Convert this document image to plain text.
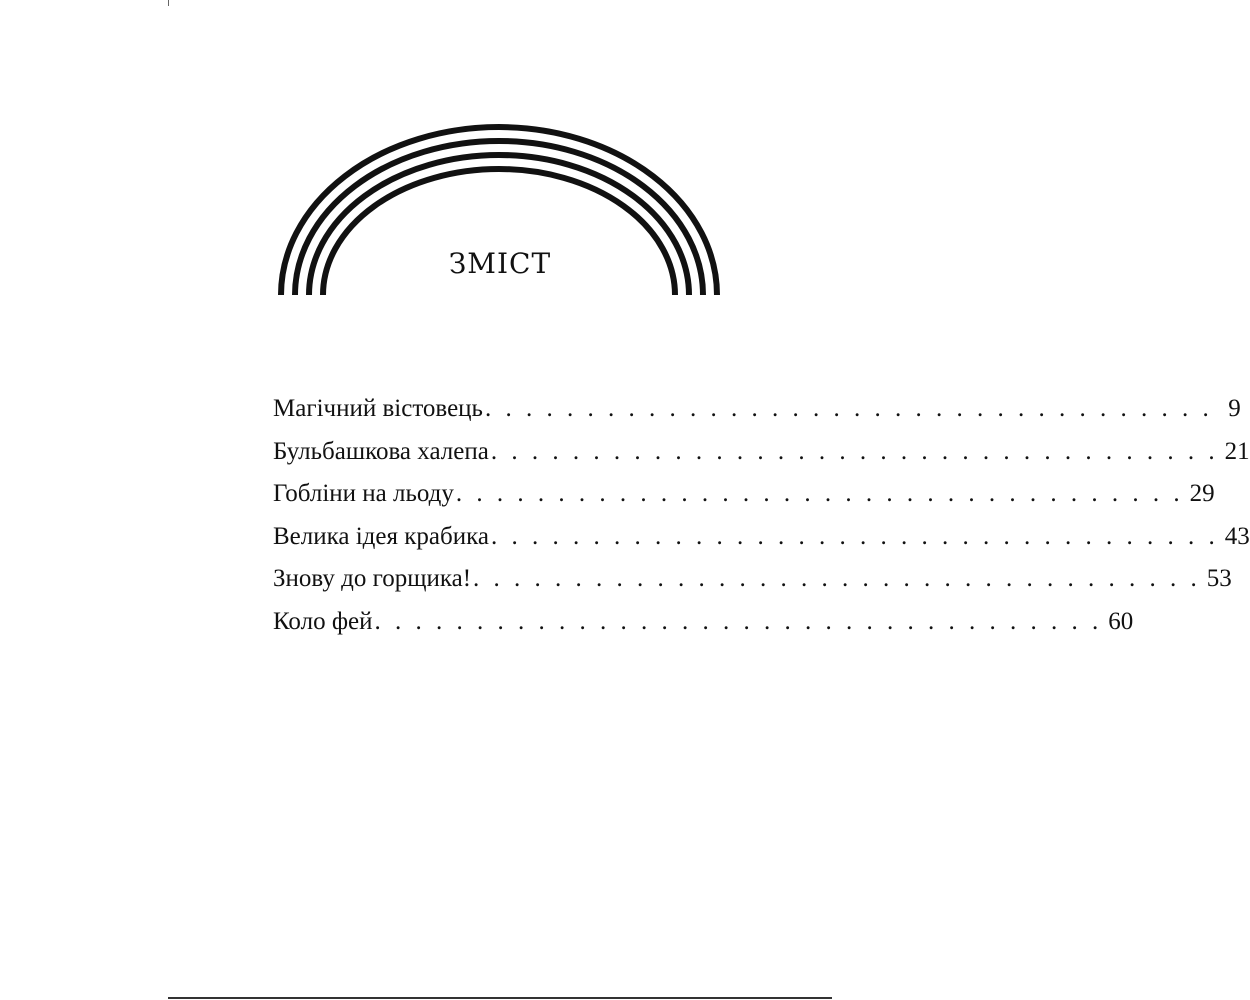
ЗМІСТ
Магічний вістовець . . . . . . . . . . . . . . . . . . . . . . . . . . . . . . . . . . . . 9
Бульбашкова халепа . . . . . . . . . . . . . . . . . . . . . . . . . . . . . . . . . . . . 21
Гобліни на льоду . . . . . . . . . . . . . . . . . . . . . . . . . . . . . . . . . . . . 29
Велика ідея крабика . . . . . . . . . . . . . . . . . . . . . . . . . . . . . . . . . . . . 43
Знову до горщика! . . . . . . . . . . . . . . . . . . . . . . . . . . . . . . . . . . . . 53
Коло фей . . . . . . . . . . . . . . . . . . . . . . . . . . . . . . . . . . . . 60
